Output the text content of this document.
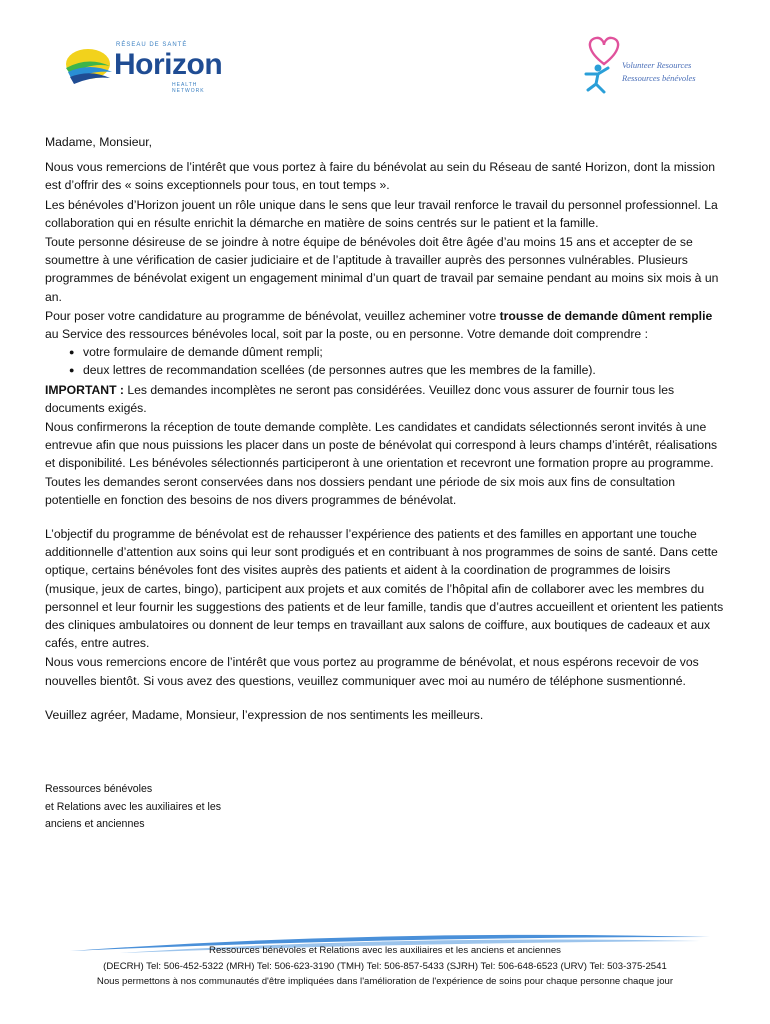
RÉSEAU DE SANTÉ
Horizon
HEALTH NETWORK
Volunteer Resources
Ressources bénévoles

Madame, Monsieur,

Nous vous remercions de l’intérêt que vous portez à faire du bénévolat au sein du Réseau de santé Horizon, dont la mission est d’offrir des « soins exceptionnels pour tous, en tout temps ».

Les bénévoles d’Horizon jouent un rôle unique dans le sens que leur travail renforce le travail du personnel professionnel. La collaboration qui en résulte enrichit la démarche en matière de soins centrés sur le patient et la famille.

Toute personne désireuse de se joindre à notre équipe de bénévoles doit être âgée d’au moins 15 ans et accepter de se soumettre à une vérification de casier judiciaire et de l’aptitude à travailler auprès des personnes vulnérables. Plusieurs programmes de bénévolat exigent un engagement minimal d’un quart de travail par semaine pendant au moins six mois à un an.

Pour poser votre candidature au programme de bénévolat, veuillez acheminer votre trousse de demande dûment remplie au Service des ressources bénévoles local, soit par la poste, ou en personne. Votre demande doit comprendre :

● votre formulaire de demande dûment rempli;
● deux lettres de recommandation scellées (de personnes autres que les membres de la famille).

IMPORTANT : Les demandes incomplètes ne seront pas considérées. Veuillez donc vous assurer de fournir tous les documents exigés.

Nous confirmerons la réception de toute demande complète. Les candidates et candidats sélectionnés seront invités à une entrevue afin que nous puissions les placer dans un poste de bénévolat qui correspond à leurs champs d’intérêt, réalisations et disponibilité. Les bénévoles sélectionnés participeront à une orientation et recevront une formation propre au programme. Toutes les demandes seront conservées dans nos dossiers pendant une période de six mois aux fins de consultation potentielle en fonction des besoins de nos divers programmes de bénévolat.

L’objectif du programme de bénévolat est de rehausser l’expérience des patients et des familles en apportant une touche additionnelle d’attention aux soins qui leur sont prodigués et en contribuant à nos programmes de soins de santé. Dans cette optique, certains bénévoles font des visites auprès des patients et aident à la coordination de programmes de loisirs (musique, jeux de cartes, bingo), participent aux projets et aux comités de l’hôpital afin de collaborer avec les membres du personnel et leur fournir les suggestions des patients et de leur famille, tandis que d’autres accueillent et orientent les patients des cliniques ambulatoires ou donnent de leur temps en travaillant aux salons de coiffure, aux boutiques de cadeaux et aux cafés, entre autres.

Nous vous remercions encore de l’intérêt que vous portez au programme de bénévolat, et nous espérons recevoir de vos nouvelles bientôt. Si vous avez des questions, veuillez communiquer avec moi au numéro de téléphone susmentionné.

Veuillez agréer, Madame, Monsieur, l’expression de nos sentiments les meilleurs.

Ressources bénévoles
et Relations avec les auxiliaires et les
anciens et anciennes
Ressources bénévoles et Relations avec les auxiliaires et les anciens et anciennes
(DECRH) Tel: 506-452-5322 (MRH) Tel: 506-623-3190 (TMH) Tel: 506-857-5433 (SJRH) Tel: 506-648-6523 (URV) Tel: 503-375-2541
Nous permettons à nos communautés d'être impliquées dans l'amélioration de l'expérience de soins pour chaque personne chaque jour
